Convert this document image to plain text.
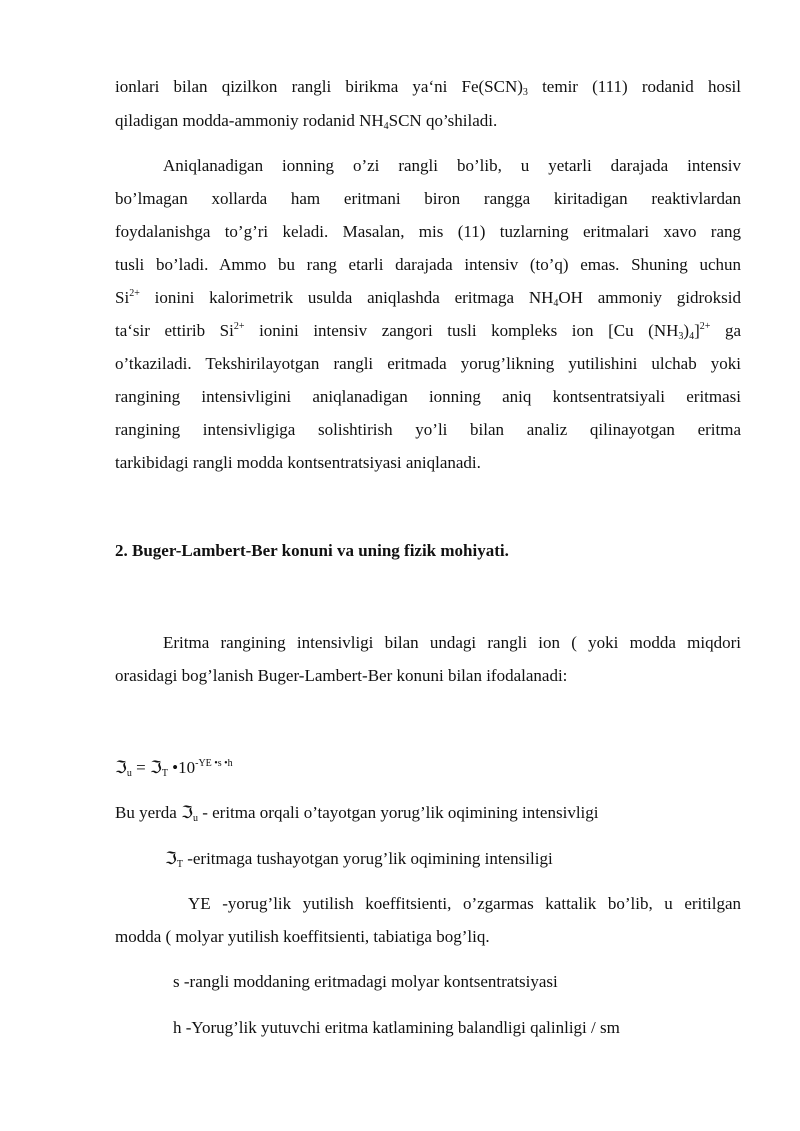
ionlari bilan qizilkon rangli birikma ya‘ni $Fe(SCN)_3$ temir (111) rodanid hosil
qiladigan modda-ammoniy rodanid $NH_4SCN$ qo’shiladi.
Aniqlanadigan ionning o’zi rangli bo’lib, u yetarli darajada intensiv
bo’lmagan xollarda ham eritmani biron rangga kiritadigan reaktivlardan
foydalanishga to’g’ri keladi. Masalan, mis (11) tuzlarning eritmalari xavo rang
tusli bo’ladi. Ammo bu rang etarli darajada intensiv (to’q) emas. Shuning uchun
$Si^{2+}$ ionini kalorimetrik usulda aniqlashda eritmaga $NH_4OH$ ammoniy gidroksid
ta‘sir ettirib $Si^{2+}$ ionini intensiv zangori tusli kompleks ion [Cu $(NH_3)_4]^{2+}$ ga
o’tkaziladi. Tekshirilayotgan rangli eritmada yorug’likning yutilishini ulchab yoki
rangining intensivligini aniqlanadigan ionning aniq kontsentratsiyali eritmasi
rangining intensivligiga solishtirish yo’li bilan analiz qilinayotgan eritma
tarkibidagi rangli modda kontsentratsiyasi aniqlanadi.
2. Buger-Lambert-Ber konuni va uning fizik mohiyati.
Eritma rangining intensivligi bilan undagi rangli ion ( yoki modda miqdori
orasidagi bog’lanish Buger-Lambert-Ber konuni bilan ifodalanadi:
ℑ$_u$ = ℑ$_T$ $•10^{-YE •s •h}$
Bu yerda ℑ$_u$ - eritma orqali o’tayotgan yorug’lik oqimining intensivligi
ℑ$_T$ -eritmaga tushayotgan yorug’lik oqimining intensiligi
YE -yorug’lik yutilish koeffitsienti, o’zgarmas kattalik bo’lib, u eritilgan
modda ( molyar yutilish koeffitsienti, tabiatiga bog’liq.
s -rangli moddaning eritmadagi molyar kontsentratsiyasi
h -Yorug’lik yutuvchi eritma katlamining balandligi qalinligi / sm
